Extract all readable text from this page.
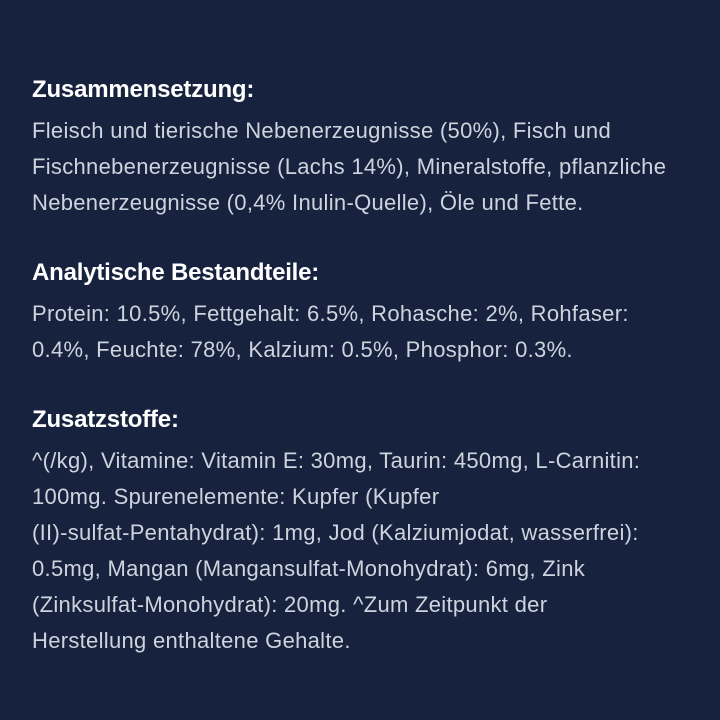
Zusammensetzung:
Fleisch und tierische Nebenerzeugnisse (50%), Fisch und
Fischnebenerzeugnisse (Lachs 14%), Mineralstoffe, pflanzliche
Nebenerzeugnisse (0,4% Inulin-Quelle), Öle und Fette.
Analytische Bestandteile:
Protein: 10.5%, Fettgehalt: 6.5%, Rohasche: 2%, Rohfaser:
0.4%, Feuchte: 78%, Kalzium: 0.5%, Phosphor: 0.3%.
Zusatzstoffe:
^(/kg), Vitamine: Vitamin E: 30mg, Taurin: 450mg, L-Carnitin:
100mg. Spurenelemente: Kupfer (Kupfer
(II)-sulfat-Pentahydrat): 1mg, Jod (Kalziumjodat, wasserfrei):
0.5mg, Mangan (Mangansulfat-Monohydrat): 6mg, Zink
(Zinksulfat-Monohydrat): 20mg. ^Zum Zeitpunkt der
Herstellung enthaltene Gehalte.
